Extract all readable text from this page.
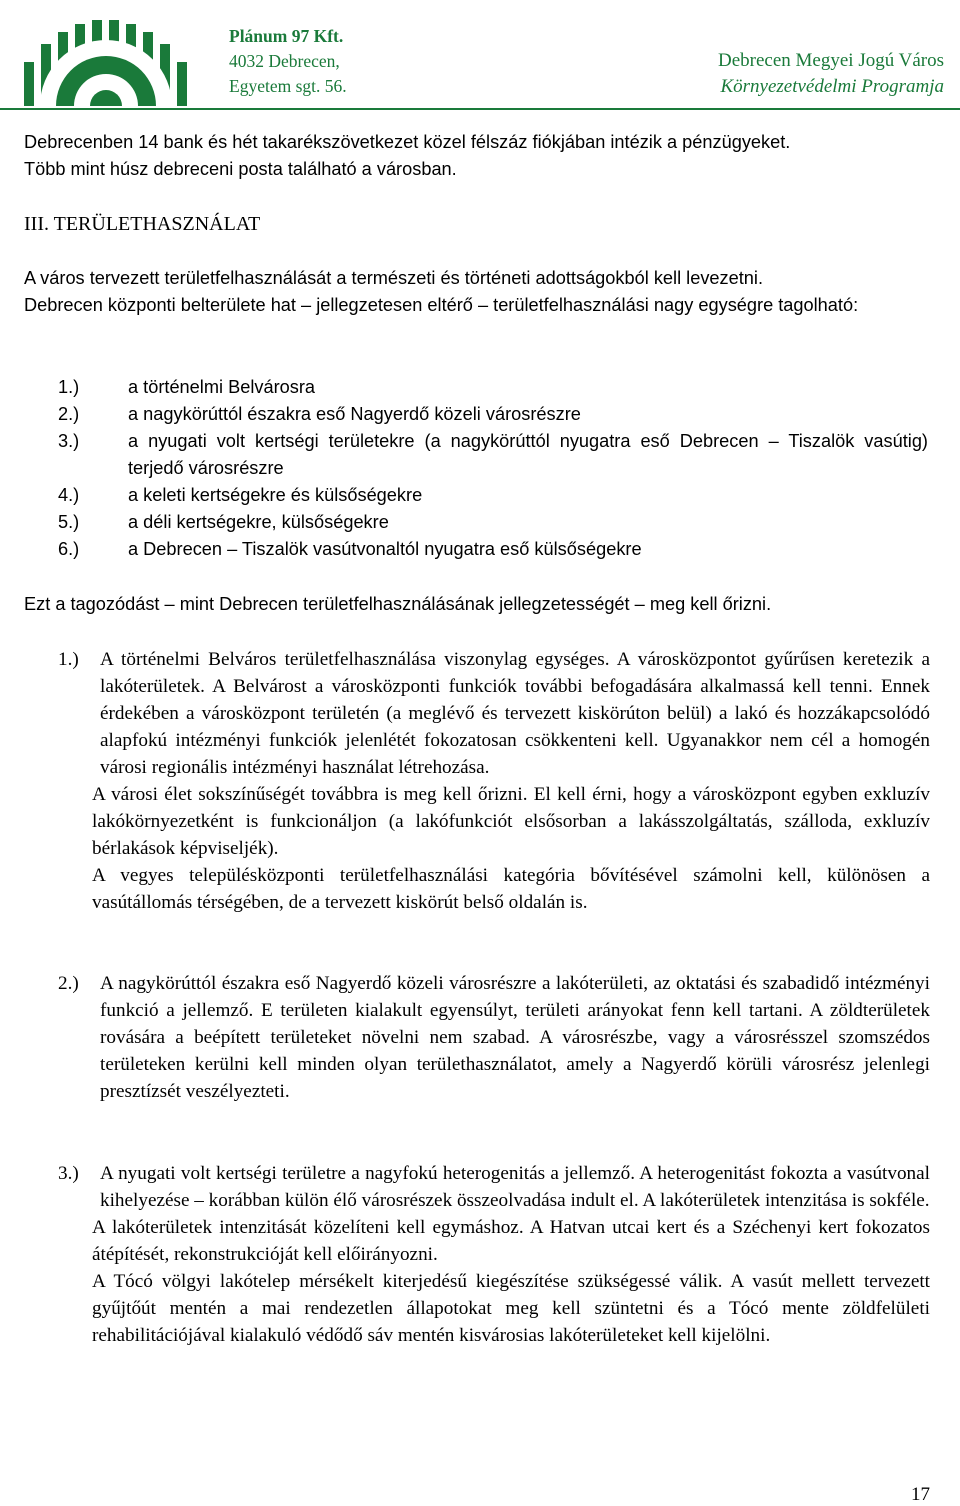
Plánum 97 Kft.
4032 Debrecen,
Egyetem sgt. 56.
Debrecen Megyei Jogú Város
Környezetvédelmi Programja
Debrecenben 14 bank és hét takarékszövetkezet közel félszáz fiókjában intézik a pénzügyeket.
Több mint húsz debreceni posta található a városban.
III. TERÜLETHASZNÁLAT
A város tervezett területfelhasználását a természeti és történeti adottságokból kell levezetni.
Debrecen központi belterülete hat – jellegzetesen eltérő – területfelhasználási nagy egységre tagolható:
1.)	a történelmi Belvárosra
2.)	a nagykörúttól északra eső Nagyerdő közeli városrészre
3.)	a nyugati volt kertségi területekre (a nagykörúttól nyugatra eső Debrecen – Tiszalök vasútig) terjedő városrészre
4.)	a keleti kertségekre és külsőségekre
5.)	a déli kertségekre, külsőségekre
6.)	a Debrecen – Tiszalök vasútvonaltól nyugatra eső külsőségekre
Ezt a tagozódást – mint Debrecen területfelhasználásának jellegzetességét – meg kell őrizni.
1.) A történelmi Belváros területfelhasználása viszonylag egységes. A városközpontot gyűrűsen keretezik a lakóterületek. A Belvárost a városközponti funkciók további befogadására alkalmassá kell tenni. Ennek érdekében a városközpont területén (a meglévő és tervezett kiskörúton belül) a lakó és hozzákapcsolódó alapfokú intézményi funkciók jelenlétét fokozatosan csökkenteni kell. Ugyanakkor nem cél a homogén városi regionális intézményi használat létrehozása.
A városi élet sokszínűségét továbbra is meg kell őrizni. El kell érni, hogy a városközpont egyben exkluzív lakókörnyezetként is funkcionáljon (a lakófunkciót elsősorban a lakásszolgáltatás, szálloda, exkluzív bérlakások képviseljék).
A vegyes településközponti területfelhasználási kategória bővítésével számolni kell, különösen a vasútállomás térségében, de a tervezett kiskörút belső oldalán is.
2.) A nagykörúttól északra eső Nagyerdő közeli városrészre a lakóterületi, az oktatási és szabadidő intézményi funkció a jellemző. E területen kialakult egyensúlyt, területi arányokat fenn kell tartani. A zöldterületek rovására a beépített területeket növelni nem szabad. A városrészbe, vagy a városrésszel szomszédos területeken kerülni kell minden olyan területhasználatot, amely a Nagyerdő körüli városrész jelenlegi presztízsét veszélyezteti.
3.) A nyugati volt kertségi területre a nagyfokú heterogenitás a jellemző. A heterogenitást fokozta a vasútvonal kihelyezése – korábban külön élő városrészek összeolvadása indult el. A lakóterületek intenzitása is sokféle.
A lakóterületek intenzitását közelíteni kell egymáshoz. A Hatvan utcai kert és a Széchenyi kert fokozatos átépítését, rekonstrukcióját kell előirányozni.
A Tócó völgyi lakótelep mérsékelt kiterjedésű kiegészítése szükségessé válik. A vasút mellett tervezett gyűjtőút mentén a mai rendezetlen állapotokat meg kell szüntetni és a Tócó mente zöldfelületi rehabilitációjával kialakuló védődő sáv mentén kisvárosias lakóterületeket kell kijelölni.
17
